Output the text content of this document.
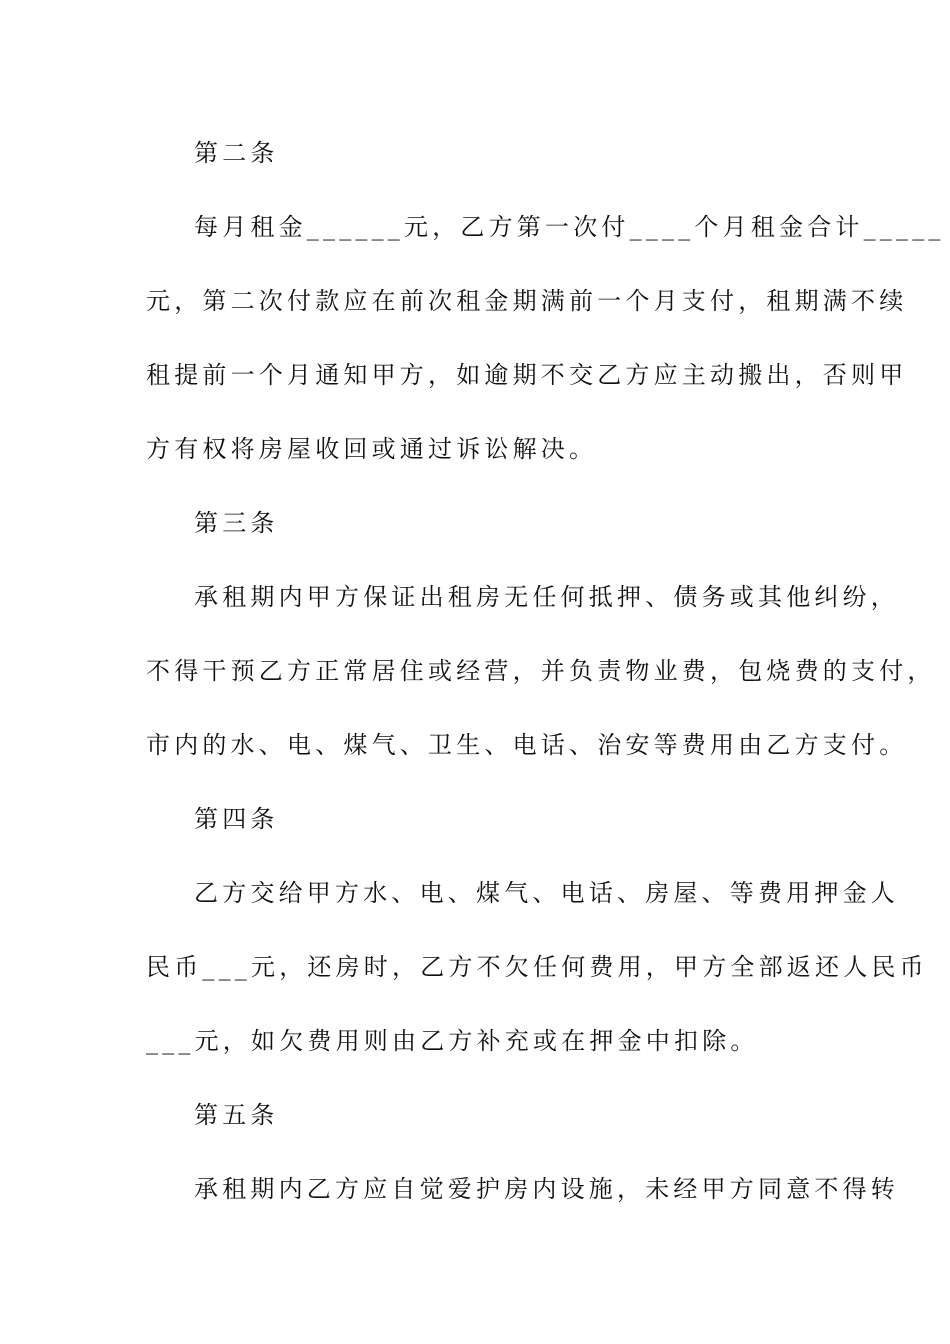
第二条
每月租金______元，乙方第一次付____个月租金合计_____
元，第二次付款应在前次租金期满前一个月支付，租期满不续
租提前一个月通知甲方，如逾期不交乙方应主动搬出，否则甲
方有权将房屋收回或通过诉讼解决。
第三条
承租期内甲方保证出租房无任何抵押、债务或其他纠纷，
不得干预乙方正常居住或经营，并负责物业费，包烧费的支付，
市内的水、电、煤气、卫生、电话、治安等费用由乙方支付。
第四条
乙方交给甲方水、电、煤气、电话、房屋、等费用押金人
民币___元，还房时，乙方不欠任何费用，甲方全部返还人民币
___元，如欠费用则由乙方补充或在押金中扣除。
第五条
承租期内乙方应自觉爱护房内设施，未经甲方同意不得转
